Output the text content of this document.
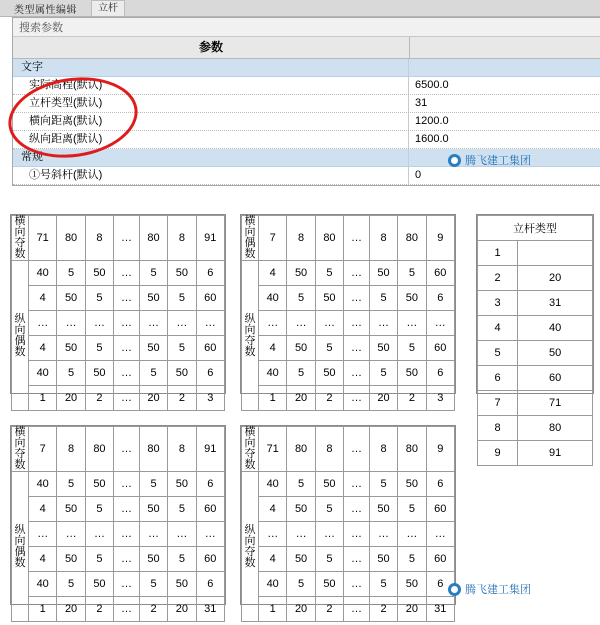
类型属性编辑	立杆
搜索参数
参数
文字
实际高程(默认)	6500.0
立杆类型(默认)	31
横向距离(默认)	1200.0
纵向距离(默认)	1600.0
常规
①号斜杆(默认)	0
腾飞建工集团
腾飞建工集团
横向
夺数	71	80	8	…	80	8	91

纵向
偶数	40	5	50	…	5	50	6
	4	50	5	…	50	5	60
	…	…	…	…	…	…	…
	4	50	5	…	50	5	60
	40	5	50	…	5	50	6
	1	20	2	…	20	2	3
横向
偶数	7	8	80	…	8	80	9

纵向
夺数	4	50	5	…	50	5	60
	40	5	50	…	5	50	6
	…	…	…	…	…	…	…
	4	50	5	…	50	5	60
	40	5	50	…	5	50	6
	1	20	2	…	20	2	3
横向
夺数	7	8	80	…	80	8	91

纵向
偶数	40	5	50	…	5	50	6
	4	50	5	…	50	5	60
	…	…	…	…	…	…	…
	4	50	5	…	50	5	60
	40	5	50	…	5	50	6
	1	20	2	…	2	20	31
横向
夺数	71	80	8	…	8	80	9

纵向
夺数	40	5	50	…	5	50	6
	4	50	5	…	50	5	60
	…	…	…	…	…	…	…
	4	50	5	…	50	5	60
	40	5	50	…	5	50	6
	1	20	2	…	2	20	31
立杆类型	
1	
2	20
3	31
4	40
5	50
6	60
7	71
8	80
9	91
